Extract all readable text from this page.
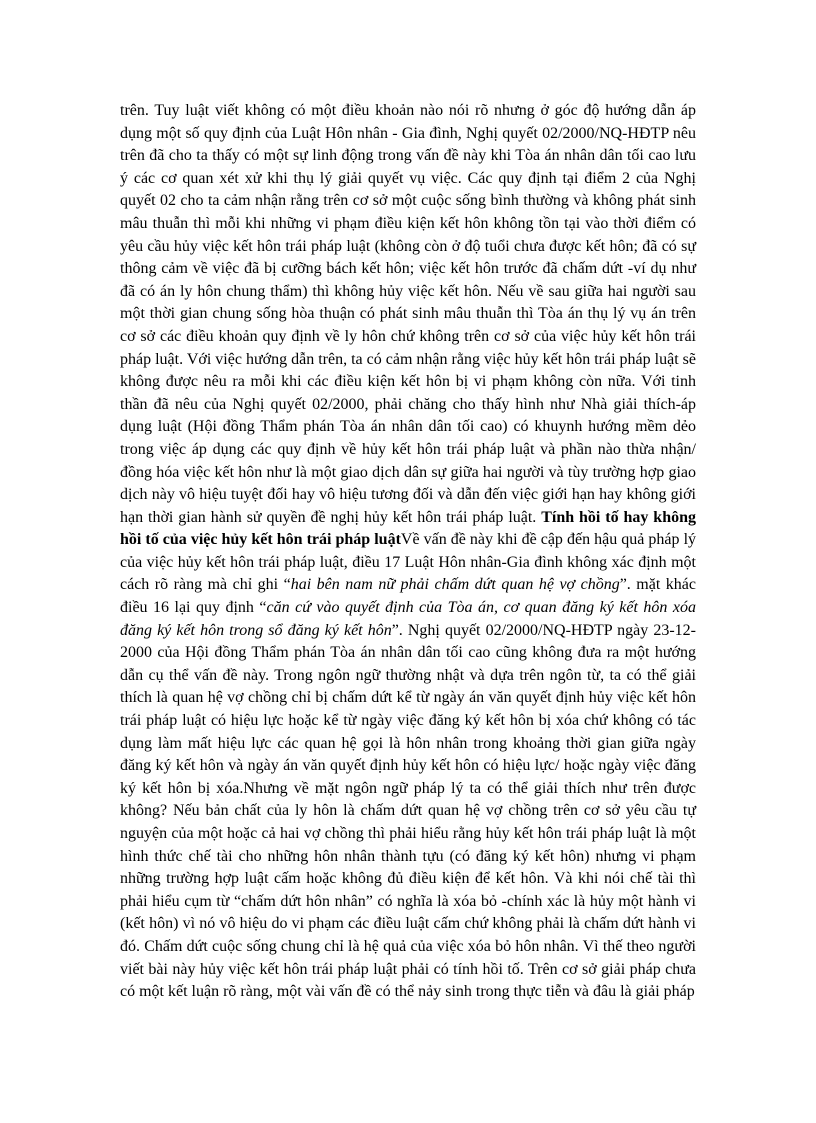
trên. Tuy luật viết không có một điều khoản nào nói rõ nhưng ở góc độ hướng dẫn áp dụng một số quy định của Luật Hôn nhân - Gia đình, Nghị quyết 02/2000/NQ-HĐTP nêu trên đã cho ta thấy có một sự linh động trong vấn đề này khi Tòa án nhân dân tối cao lưu ý các cơ quan xét xử khi thụ lý giải quyết vụ việc. Các quy định tại điểm 2 của Nghị quyết 02 cho ta cảm nhận rằng trên cơ sở một cuộc sống bình thường và không phát sinh mâu thuẫn thì mỗi khi những vi phạm điều kiện kết hôn không tồn tại vào thời điểm có yêu cầu hủy việc kết hôn trái pháp luật (không còn ở độ tuổi chưa được kết hôn; đã có sự thông cảm về việc đã bị cưỡng bách kết hôn; việc kết hôn trước đã chấm dứt -ví dụ như đã có án ly hôn chung thẩm) thì không hủy việc kết hôn. Nếu về sau giữa hai người sau một thời gian chung sống hòa thuận có phát sinh mâu thuẫn thì Tòa án thụ lý vụ án trên cơ sở các điều khoản quy định về ly hôn chứ không trên cơ sở của việc hủy kết hôn trái pháp luật. Với việc hướng dẫn trên, ta có cảm nhận rằng việc hủy kết hôn trái pháp luật sẽ không được nêu ra mỗi khi các điều kiện kết hôn bị vi phạm không còn nữa. Với tinh thần đã nêu của Nghị quyết 02/2000, phải chăng cho thấy hình như Nhà giải thích-áp dụng luật (Hội đồng Thẩm phán Tòa án nhân dân tối cao) có khuynh hướng mềm dẻo trong việc áp dụng các quy định về hủy kết hôn trái pháp luật và phần nào thừa nhận/đồng hóa việc kết hôn như là một giao dịch dân sự giữa hai người và tùy trường hợp giao dịch này vô hiệu tuyệt đối hay vô hiệu tương đối và dẫn đến việc giới hạn hay không giới hạn thời gian hành sử quyền đề nghị hủy kết hôn trái pháp luật. Tính hồi tố hay không hồi tố của việc hủy kết hôn trái pháp luậtVề vấn đề này khi đề cập đến hậu quả pháp lý của việc hủy kết hôn trái pháp luật, điều 17 Luật Hôn nhân-Gia đình không xác định một cách rõ ràng mà chỉ ghi “hai bên nam nữ phải chấm dứt quan hệ vợ chồng”. mặt khác điều 16 lại quy định “căn cứ vào quyết định của Tòa án, cơ quan đăng ký kết hôn xóa đăng ký kết hôn trong sổ đăng ký kết hôn”. Nghị quyết 02/2000/NQ-HĐTP ngày 23-12-2000 của Hội đồng Thẩm phán Tòa án nhân dân tối cao cũng không đưa ra một hướng dẫn cụ thể vấn đề này. Trong ngôn ngữ thường nhật và dựa trên ngôn từ, ta có thể giải thích là quan hệ vợ chồng chỉ bị chấm dứt kể từ ngày án văn quyết định hủy việc kết hôn trái pháp luật có hiệu lực hoặc kể từ ngày việc đăng ký kết hôn bị xóa chứ không có tác dụng làm mất hiệu lực các quan hệ gọi là hôn nhân trong khoảng thời gian giữa ngày đăng ký kết hôn và ngày án văn quyết định hủy kết hôn có hiệu lực/ hoặc ngày việc đăng ký kết hôn bị xóa.Nhưng về mặt ngôn ngữ pháp lý ta có thể giải thích như trên được không? Nếu bản chất của ly hôn là chấm dứt quan hệ vợ chồng trên cơ sở yêu cầu tự nguyện của một hoặc cả hai vợ chồng thì phải hiểu rằng hủy kết hôn trái pháp luật là một hình thức chế tài cho những hôn nhân thành tựu (có đăng ký kết hôn) nhưng vi phạm những trường hợp luật cấm hoặc không đủ điều kiện để kết hôn. Và khi nói chế tài thì phải hiểu cụm từ “chấm dứt hôn nhân” có nghĩa là xóa bỏ -chính xác là hủy một hành vi (kết hôn) vì nó vô hiệu do vi phạm các điều luật cấm chứ không phải là chấm dứt hành vi đó. Chấm dứt cuộc sống chung chỉ là hệ quả của việc xóa bỏ hôn nhân. Vì thế theo người viết bài này hủy việc kết hôn trái pháp luật phải có tính hồi tố. Trên cơ sở giải pháp chưa có một kết luận rõ ràng, một vài vấn đề có thể nảy sinh trong thực tiễn và đâu là giải pháp
